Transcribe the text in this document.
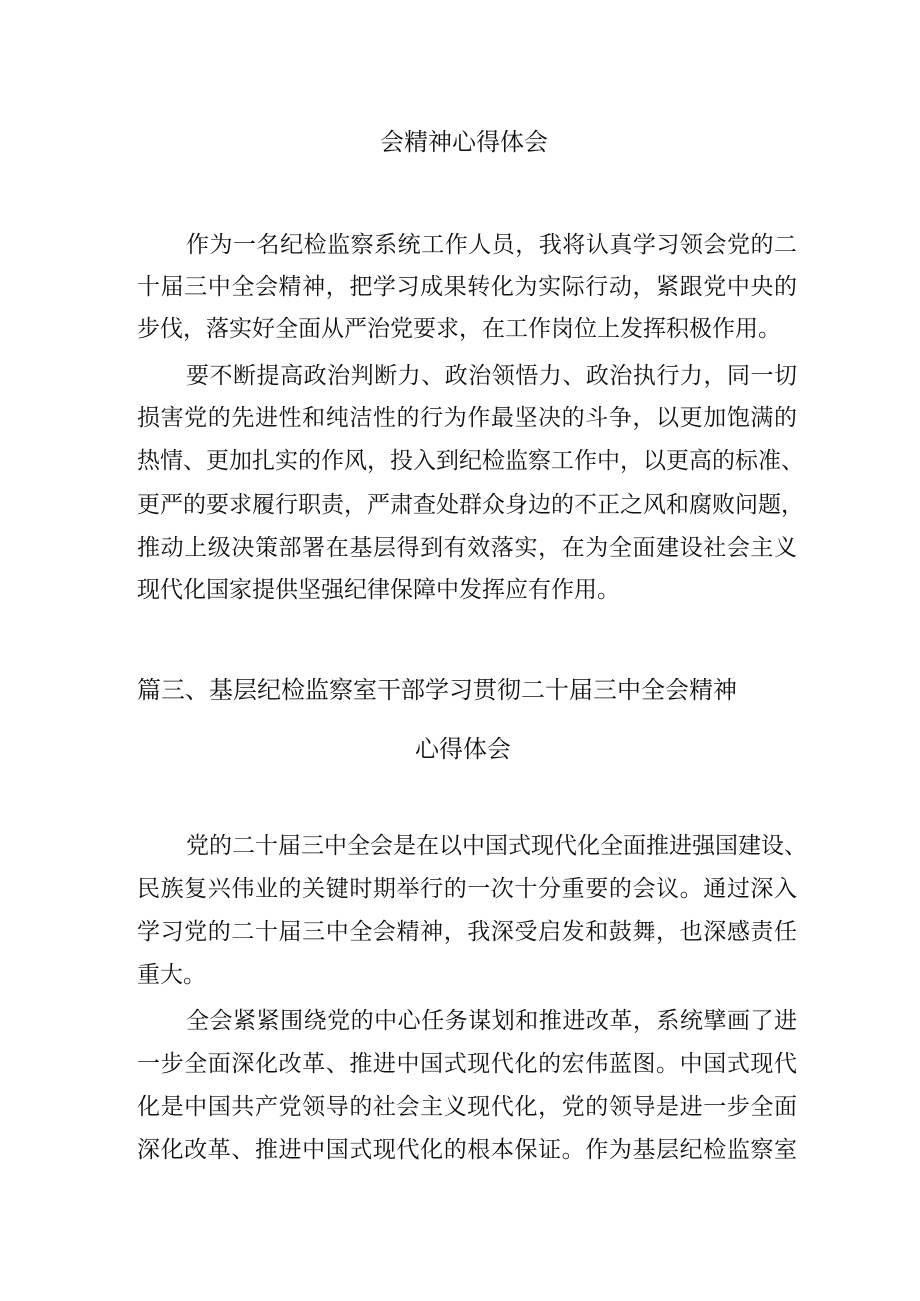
会精神心得体会
作为一名纪检监察系统工作人员，我将认真学习领会党的二
十届三中全会精神，把学习成果转化为实际行动，紧跟党中央的
步伐，落实好全面从严治党要求，在工作岗位上发挥积极作用。
要不断提高政治判断力、政治领悟力、政治执行力，同一切
损害党的先进性和纯洁性的行为作最坚决的斗争，以更加饱满的
热情、更加扎实的作风，投入到纪检监察工作中，以更高的标准、
更严的要求履行职责，严肃查处群众身边的不正之风和腐败问题，
推动上级决策部署在基层得到有效落实，在为全面建设社会主义
现代化国家提供坚强纪律保障中发挥应有作用。
篇三、基层纪检监察室干部学习贯彻二十届三中全会精神
心得体会
党的二十届三中全会是在以中国式现代化全面推进强国建设、
民族复兴伟业的关键时期举行的一次十分重要的会议。通过深入
学习党的二十届三中全会精神，我深受启发和鼓舞，也深感责任
重大。
全会紧紧围绕党的中心任务谋划和推进改革，系统擘画了进
一步全面深化改革、推进中国式现代化的宏伟蓝图。中国式现代
化是中国共产党领导的社会主义现代化，党的领导是进一步全面
深化改革、推进中国式现代化的根本保证。作为基层纪检监察室
